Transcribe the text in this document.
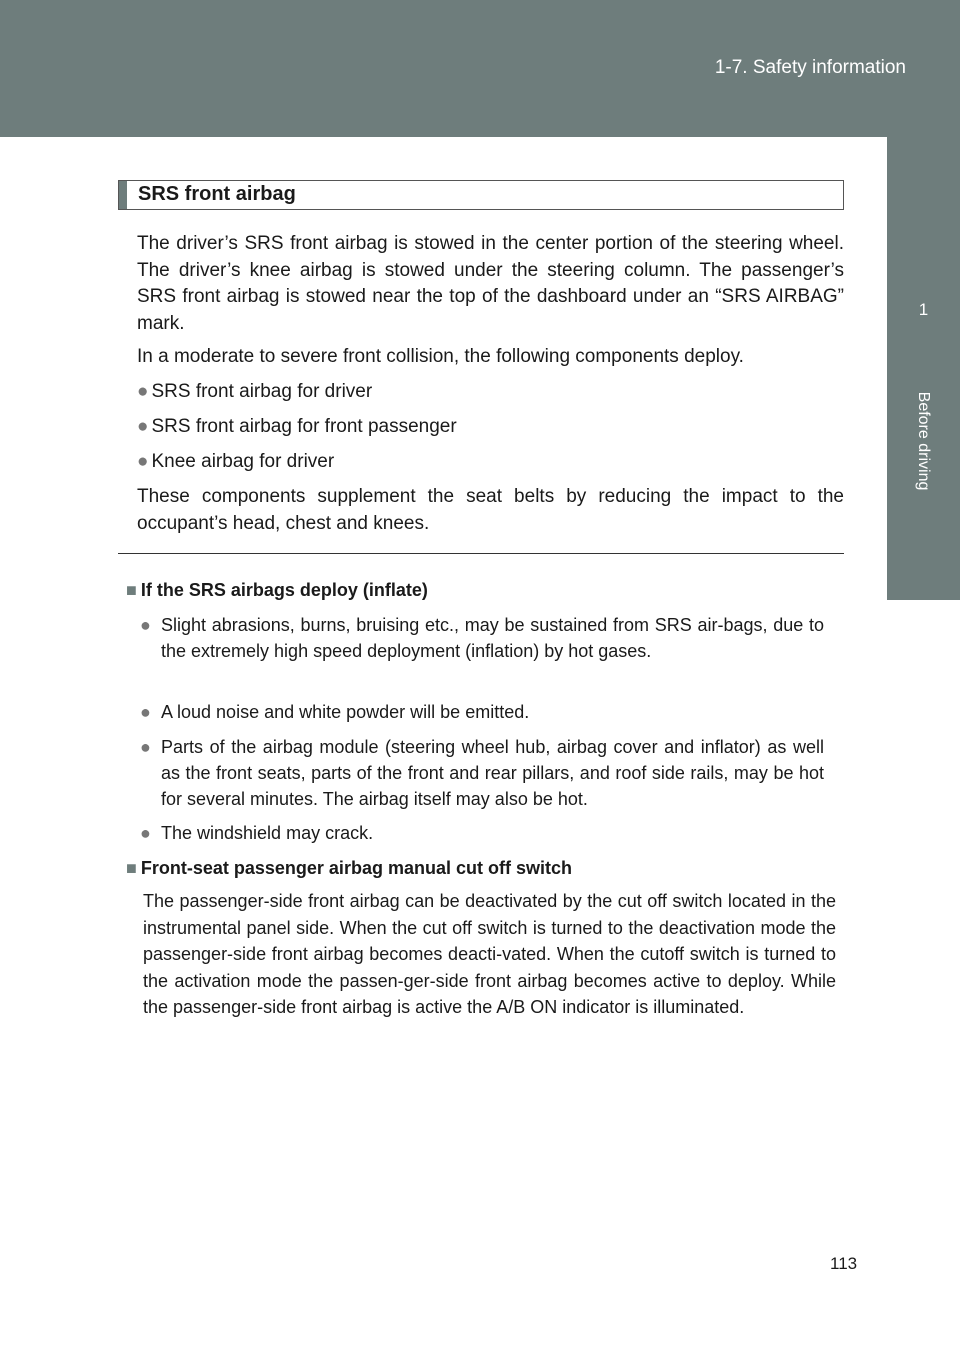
1-7. Safety information
1
Before driving
SRS front airbag
The driver’s SRS front airbag is stowed in the center portion of the steering wheel. The driver’s knee airbag is stowed under the steering column. The passenger’s SRS front airbag is stowed near the top of the dashboard under an “SRS AIRBAG” mark.
In a moderate to severe front collision, the following components deploy.
● SRS front airbag for driver
● SRS front airbag for front passenger
● Knee airbag for driver
These components supplement the seat belts by reducing the impact to the occupant’s head, chest and knees.
■ If the SRS airbags deploy (inflate)
● Slight abrasions, burns, bruising etc., may be sustained from SRS air-bags, due to the extremely high speed deployment (inflation) by hot gases.
● A loud noise and white powder will be emitted.
● Parts of the airbag module (steering wheel hub, airbag cover and inflator) as well as the front seats, parts of the front and rear pillars, and roof side rails, may be hot for several minutes. The airbag itself may also be hot.
● The windshield may crack.
■ Front-seat passenger airbag manual cut off switch
The passenger-side front airbag can be deactivated by the cut off switch located in the instrumental panel side. When the cut off switch is turned to the deactivation mode the passenger-side front airbag becomes deacti-vated. When the cutoff switch is turned to the activation mode the passen-ger-side front airbag becomes active to deploy. While the passenger-side front airbag is active the A/B ON indicator is illuminated.
113
